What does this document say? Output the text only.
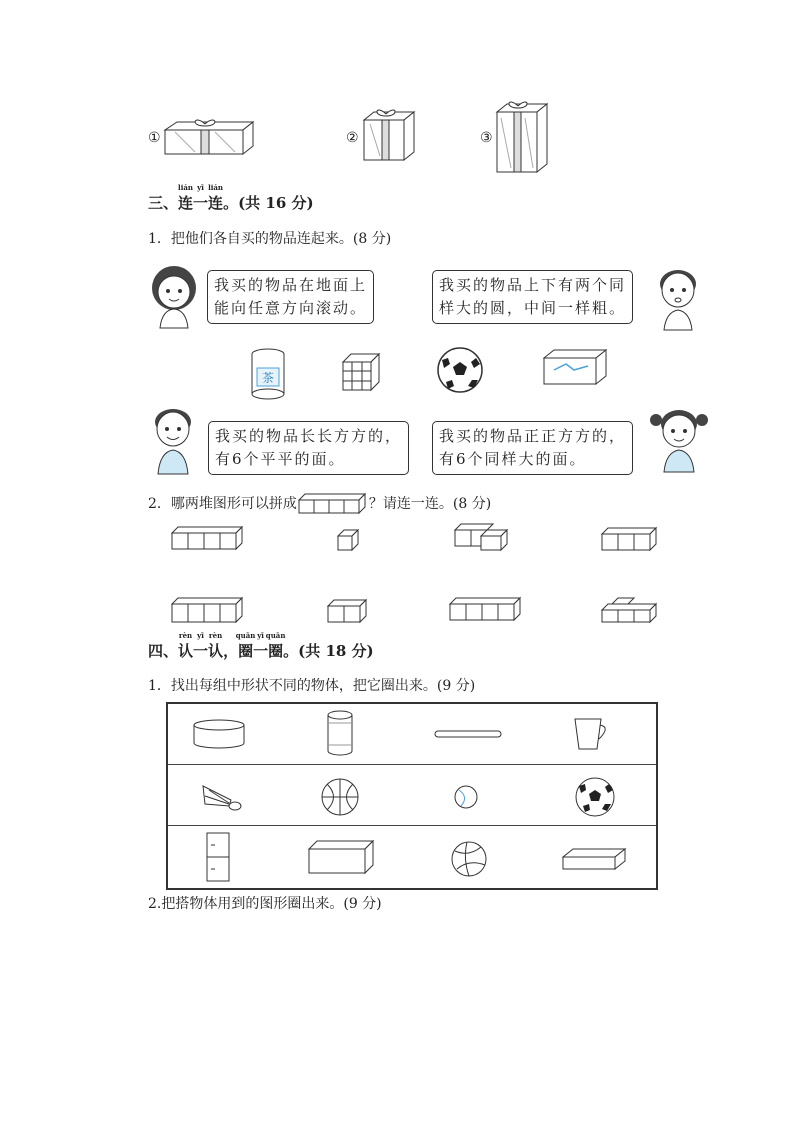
①	②	③
三、
lián
连
yī
一
lián
连。(共 16 分)
1．把他们各自买的物品连起来。(8 分)
我买的物品在地面上
能向任意方向滚动。
我买的物品上下有两个同
样大的圆，中间一样粗。
茶
我买的物品长长方方的，
有6个平平的面。
我买的物品正正方方的，
有6个同样大的面。
2．哪两堆图形可以拼成	？请连一连。(8 分)
四、
rèn
认
yī
一
rèn
认，
quān
圈
yī
一
quān
圈。(共 18 分)
1．找出每组中形状不同的物体，把它圈出来。(9 分)

2.把搭物体用到的图形圈出来。(9 分)
